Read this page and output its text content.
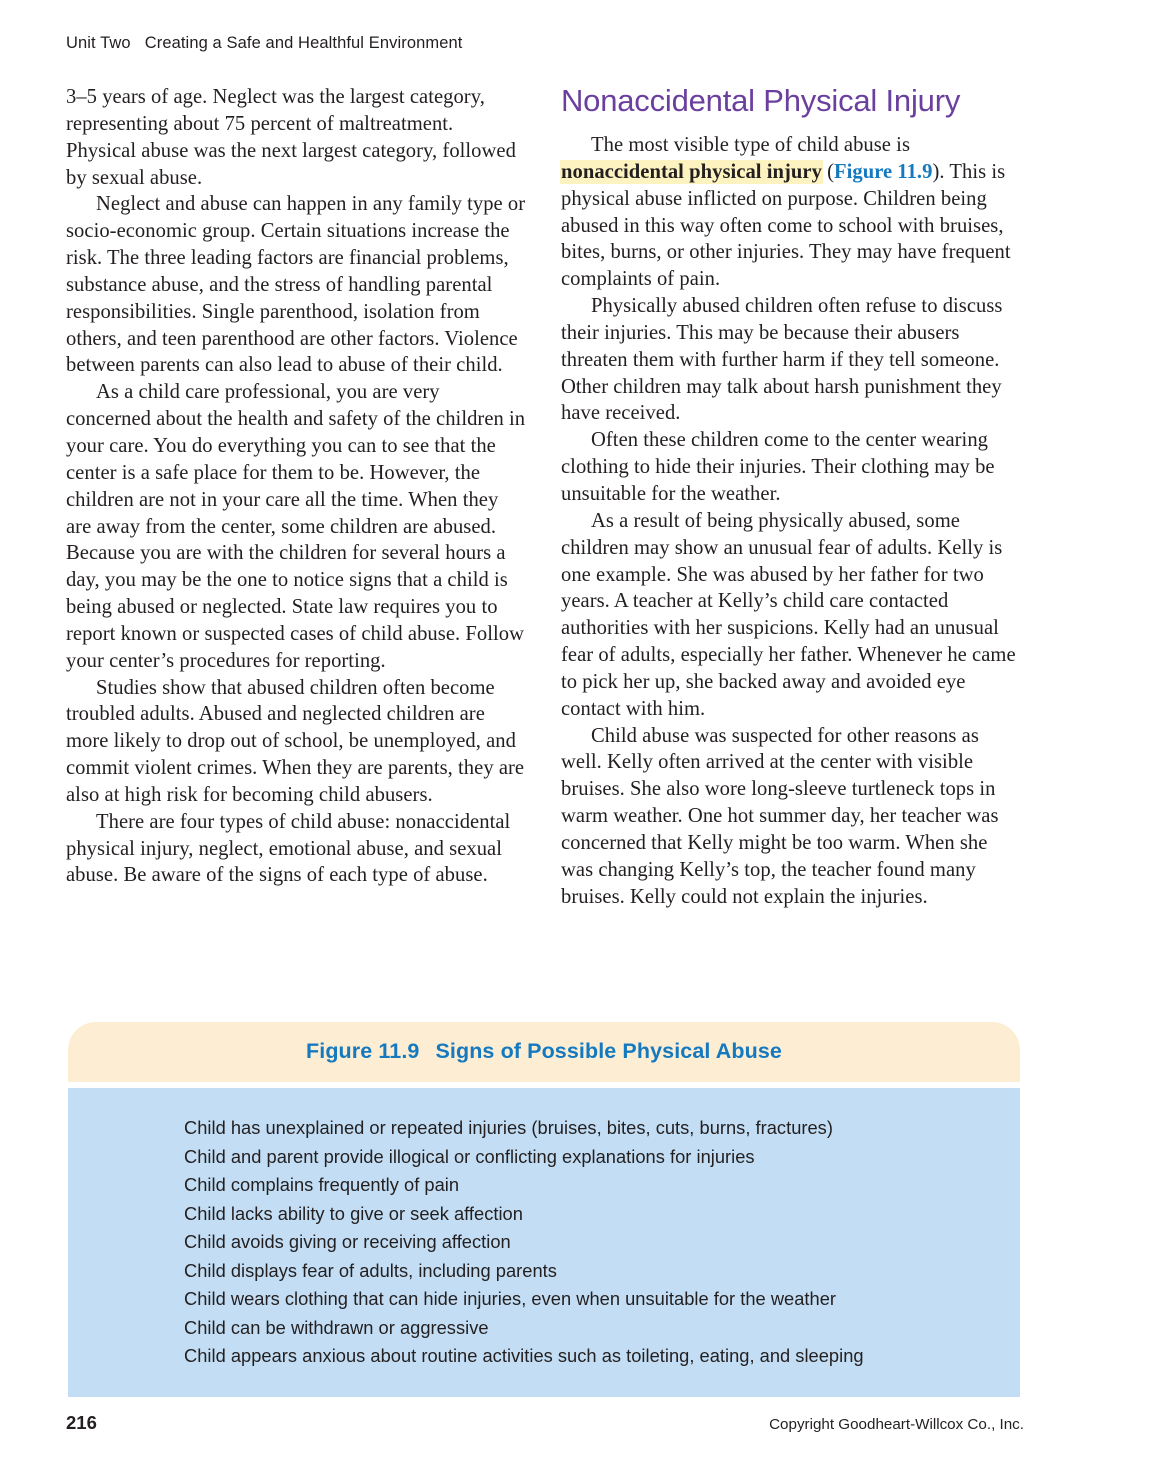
Unit Two Creating a Safe and Healthful Environment

3–5 years of age. Neglect was the largest category, representing about 75 percent of maltreatment. Physical abuse was the next largest category, followed by sexual abuse.

Neglect and abuse can happen in any family type or socio-economic group. Certain situations increase the risk. The three leading factors are financial problems, substance abuse, and the stress of handling parental responsibilities. Single parenthood, isolation from others, and teen parenthood are other factors. Violence between parents can also lead to abuse of their child.

As a child care professional, you are very concerned about the health and safety of the children in your care. You do everything you can to see that the center is a safe place for them to be. However, the children are not in your care all the time. When they are away from the center, some children are abused. Because you are with the children for several hours a day, you may be the one to notice signs that a child is being abused or neglected. State law requires you to report known or suspected cases of child abuse. Follow your center’s procedures for reporting.

Studies show that abused children often become troubled adults. Abused and neglected children are more likely to drop out of school, be unemployed, and commit violent crimes. When they are parents, they are also at high risk for becoming child abusers.

There are four types of child abuse: nonaccidental physical injury, neglect, emotional abuse, and sexual abuse. Be aware of the signs of each type of abuse.

Nonaccidental Physical Injury

The most visible type of child abuse is nonaccidental physical injury (Figure 11.9). This is physical abuse inflicted on purpose. Children being abused in this way often come to school with bruises, bites, burns, or other injuries. They may have frequent complaints of pain.

Physically abused children often refuse to discuss their injuries. This may be because their abusers threaten them with further harm if they tell someone. Other children may talk about harsh punishment they have received.

Often these children come to the center wearing clothing to hide their injuries. Their clothing may be unsuitable for the weather.

As a result of being physically abused, some children may show an unusual fear of adults. Kelly is one example. She was abused by her father for two years. A teacher at Kelly’s child care contacted authorities with her suspicions. Kelly had an unusual fear of adults, especially her father. Whenever he came to pick her up, she backed away and avoided eye contact with him.

Child abuse was suspected for other reasons as well. Kelly often arrived at the center with visible bruises. She also wore long-sleeve turtleneck tops in warm weather. One hot summer day, her teacher was concerned that Kelly might be too warm. When she was changing Kelly’s top, the teacher found many bruises. Kelly could not explain the injuries.

Figure 11.9 Signs of Possible Physical Abuse
Child has unexplained or repeated injuries (bruises, bites, cuts, burns, fractures)
Child and parent provide illogical or conflicting explanations for injuries
Child complains frequently of pain
Child lacks ability to give or seek affection
Child avoids giving or receiving affection
Child displays fear of adults, including parents
Child wears clothing that can hide injuries, even when unsuitable for the weather
Child can be withdrawn or aggressive
Child appears anxious about routine activities such as toileting, eating, and sleeping
216	Copyright Goodheart-Willcox Co., Inc.
